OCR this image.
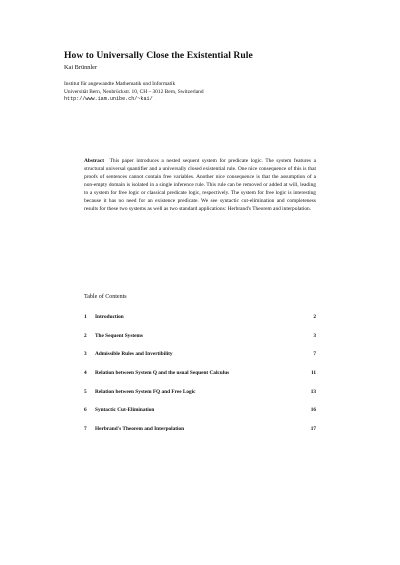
How to Universally Close the Existential Rule
Kai Brünnler
Institut für angewandte Mathematik und Informatik
Universität Bern, Neubrückstr. 10, CH – 3012 Bern, Switzerland
http://www.iam.unibe.ch/~kai/
Abstract This paper introduces a nested sequent system for predicate logic. The system features a structural universal quantifier and a universally closed existential rule. One nice consequence of this is that proofs of sentences cannot contain free variables. Another nice consequence is that the assumption of a non-empty domain is isolated in a single inference rule. This rule can be removed or added at will, leading to a system for free logic or classical predicate logic, respectively. The system for free logic is interesting because it has no need for an existence predicate. We see syntactic cut-elimination and completeness results for these two systems as well as two standard applications: Herbrand's Theorem and interpolation.
Table of Contents
1	Introduction	2
2	The Sequent Systems	3
3	Admissible Rules and Invertibility	7
4	Relation between System Q and the usual Sequent Calculus	11
5	Relation between System FQ and Free Logic	13
6	Syntactic Cut-Elimination	16
7	Herbrand's Theorem and Interpolation	17
